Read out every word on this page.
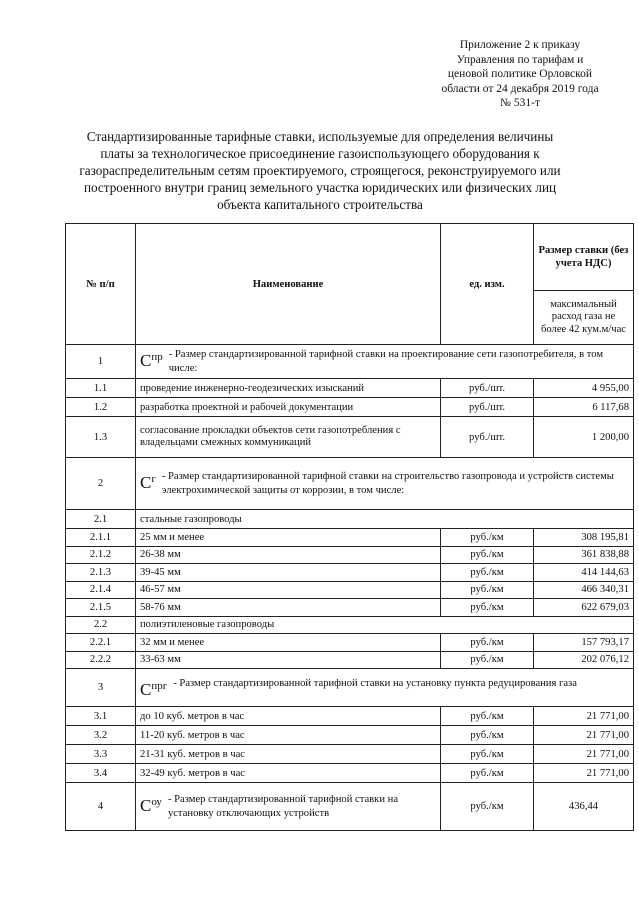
Приложение 2 к приказу
Управления по тарифам и
ценовой политике Орловской
области от 24 декабря 2019 года
№ 531-т
Стандартизированные тарифные ставки, используемые для определения величины
платы за технологическое присоединение газоиспользующего оборудования к
газораспределительным сетям проектируемого, строящегося, реконструируемого или
построенного внутри границ земельного участка юридических или физических лиц
объекта капитального строительства
№ п/п	Наименование	ед. изм.	Размер ставки (без учета НДС)
			максимальный расход газа не более 42 кум.м/час
1	$C^{пр}$ - Размер стандартизированной тарифной ставки на проектирование сети газопотребителя, в том числе:		

1.1	проведение инженерно-геодезических изысканий	руб./шт.	4 955,00
1.2	разработка проектной и рабочей документации	руб./шт.	6 117,68
1.3	согласование прокладки объектов сети газопотребления с владельцами смежных коммуникаций	руб./шт.	1 200,00
2	$C^г$ - Размер стандартизированной тарифной ставки на строительство газопровода и устройств системы электрохимической защиты от коррозии, в том числе:		

2.1	стальные газопроводы		
2.1.1	25 мм и менее	руб./км	308 195,81
2.1.2	26-38 мм	руб./км	361 838,88
2.1.3	39-45 мм	руб./км	414 144,63
2.1.4	46-57 мм	руб./км	466 340,31
2.1.5	58-76 мм	руб./км	622 679,03
2.2	полиэтиленовые газопроводы		
2.2.1	32 мм и менее	руб./км	157 793,17
2.2.2	33-63 мм	руб./км	202 076,12
3	$C^{прг}$ - Размер стандартизированной тарифной ставки на установку пункта редуцирования газа		

3.1	до 10 куб. метров в час	руб./км	21 771,00
3.2	11-20 куб. метров в час	руб./км	21 771,00
3.3	21-31 куб. метров в час	руб./км	21 771,00
3.4	32-49 куб. метров в час	руб./км	21 771,00
4	$C^{оу}$ - Размер стандартизированной тарифной ставки на установку отключающих устройств	руб./км	436,44
